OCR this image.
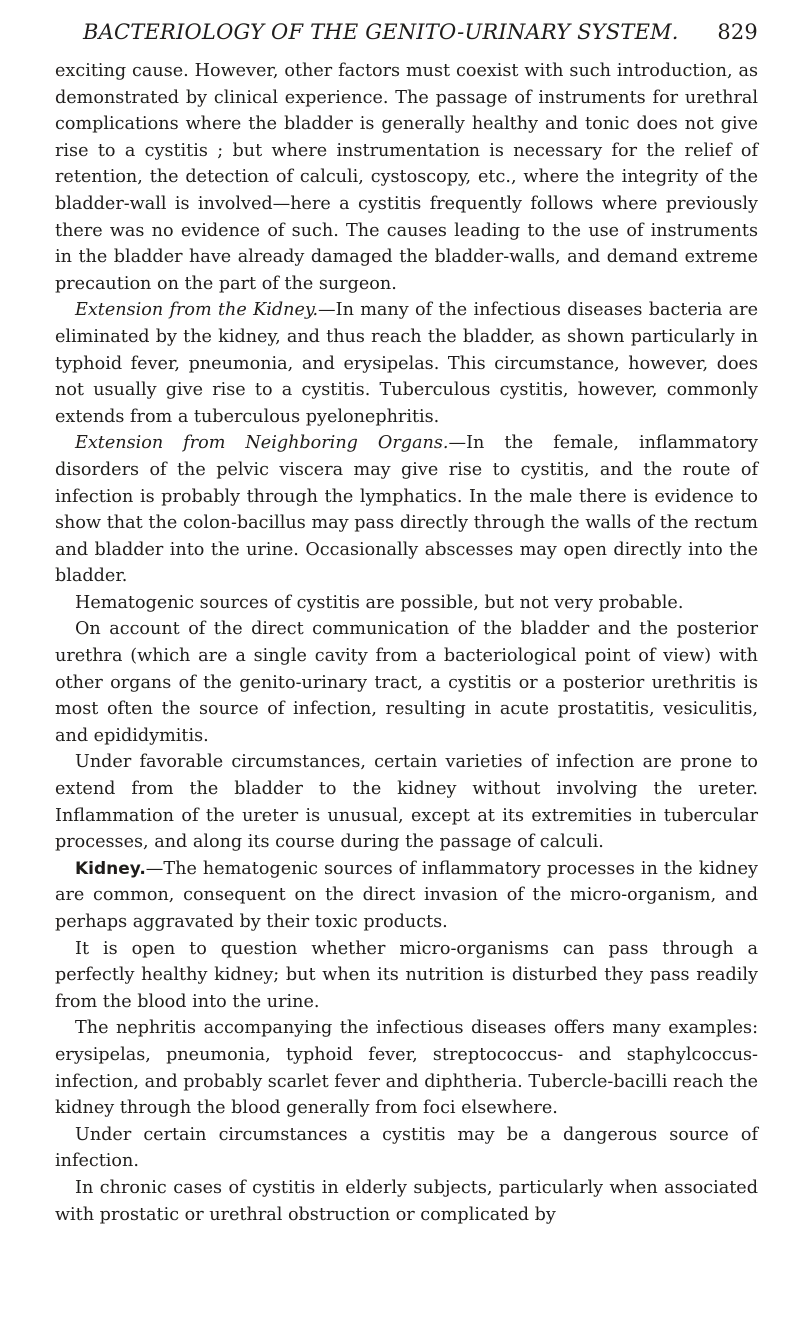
BACTERIOLOGY OF THE GENITO-URINARY SYSTEM.	829

exciting cause. However, other factors must coexist with such introduction, as demonstrated by clinical experience. The passage of instruments for urethral complications where the bladder is generally healthy and tonic does not give rise to a cystitis ; but where instrumentation is necessary for the relief of retention, the detection of calculi, cystoscopy, etc., where the integrity of the bladder-wall is involved—here a cystitis frequently follows where previously there was no evidence of such. The causes leading to the use of instruments in the bladder have already damaged the bladder-walls, and demand extreme precaution on the part of the surgeon.

Extension from the Kidney.—In many of the infectious diseases bacteria are eliminated by the kidney, and thus reach the bladder, as shown particularly in typhoid fever, pneumonia, and erysipelas. This circumstance, however, does not usually give rise to a cystitis. Tuberculous cystitis, however, commonly extends from a tuberculous pyelonephritis.

Extension from Neighboring Organs.—In the female, inflammatory disorders of the pelvic viscera may give rise to cystitis, and the route of infection is probably through the lymphatics. In the male there is evidence to show that the colon-bacillus may pass directly through the walls of the rectum and bladder into the urine. Occasionally abscesses may open directly into the bladder.

Hematogenic sources of cystitis are possible, but not very probable.

On account of the direct communication of the bladder and the posterior urethra (which are a single cavity from a bacteriological point of view) with other organs of the genito-urinary tract, a cystitis or a posterior urethritis is most often the source of infection, resulting in acute prostatitis, vesiculitis, and epididymitis.

Under favorable circumstances, certain varieties of infection are prone to extend from the bladder to the kidney without involving the ureter. Inflammation of the ureter is unusual, except at its extremities in tubercular processes, and along its course during the passage of calculi.

Kidney.—The hematogenic sources of inflammatory processes in the kidney are common, consequent on the direct invasion of the micro-organism, and perhaps aggravated by their toxic products.

It is open to question whether micro-organisms can pass through a perfectly healthy kidney; but when its nutrition is disturbed they pass readily from the blood into the urine.

The nephritis accompanying the infectious diseases offers many examples: erysipelas, pneumonia, typhoid fever, streptococcus- and staphylcoccus-infection, and probably scarlet fever and diphtheria. Tubercle-bacilli reach the kidney through the blood generally from foci elsewhere.

Under certain circumstances a cystitis may be a dangerous source of infection.

In chronic cases of cystitis in elderly subjects, particularly when associated with prostatic or urethral obstruction or complicated by
